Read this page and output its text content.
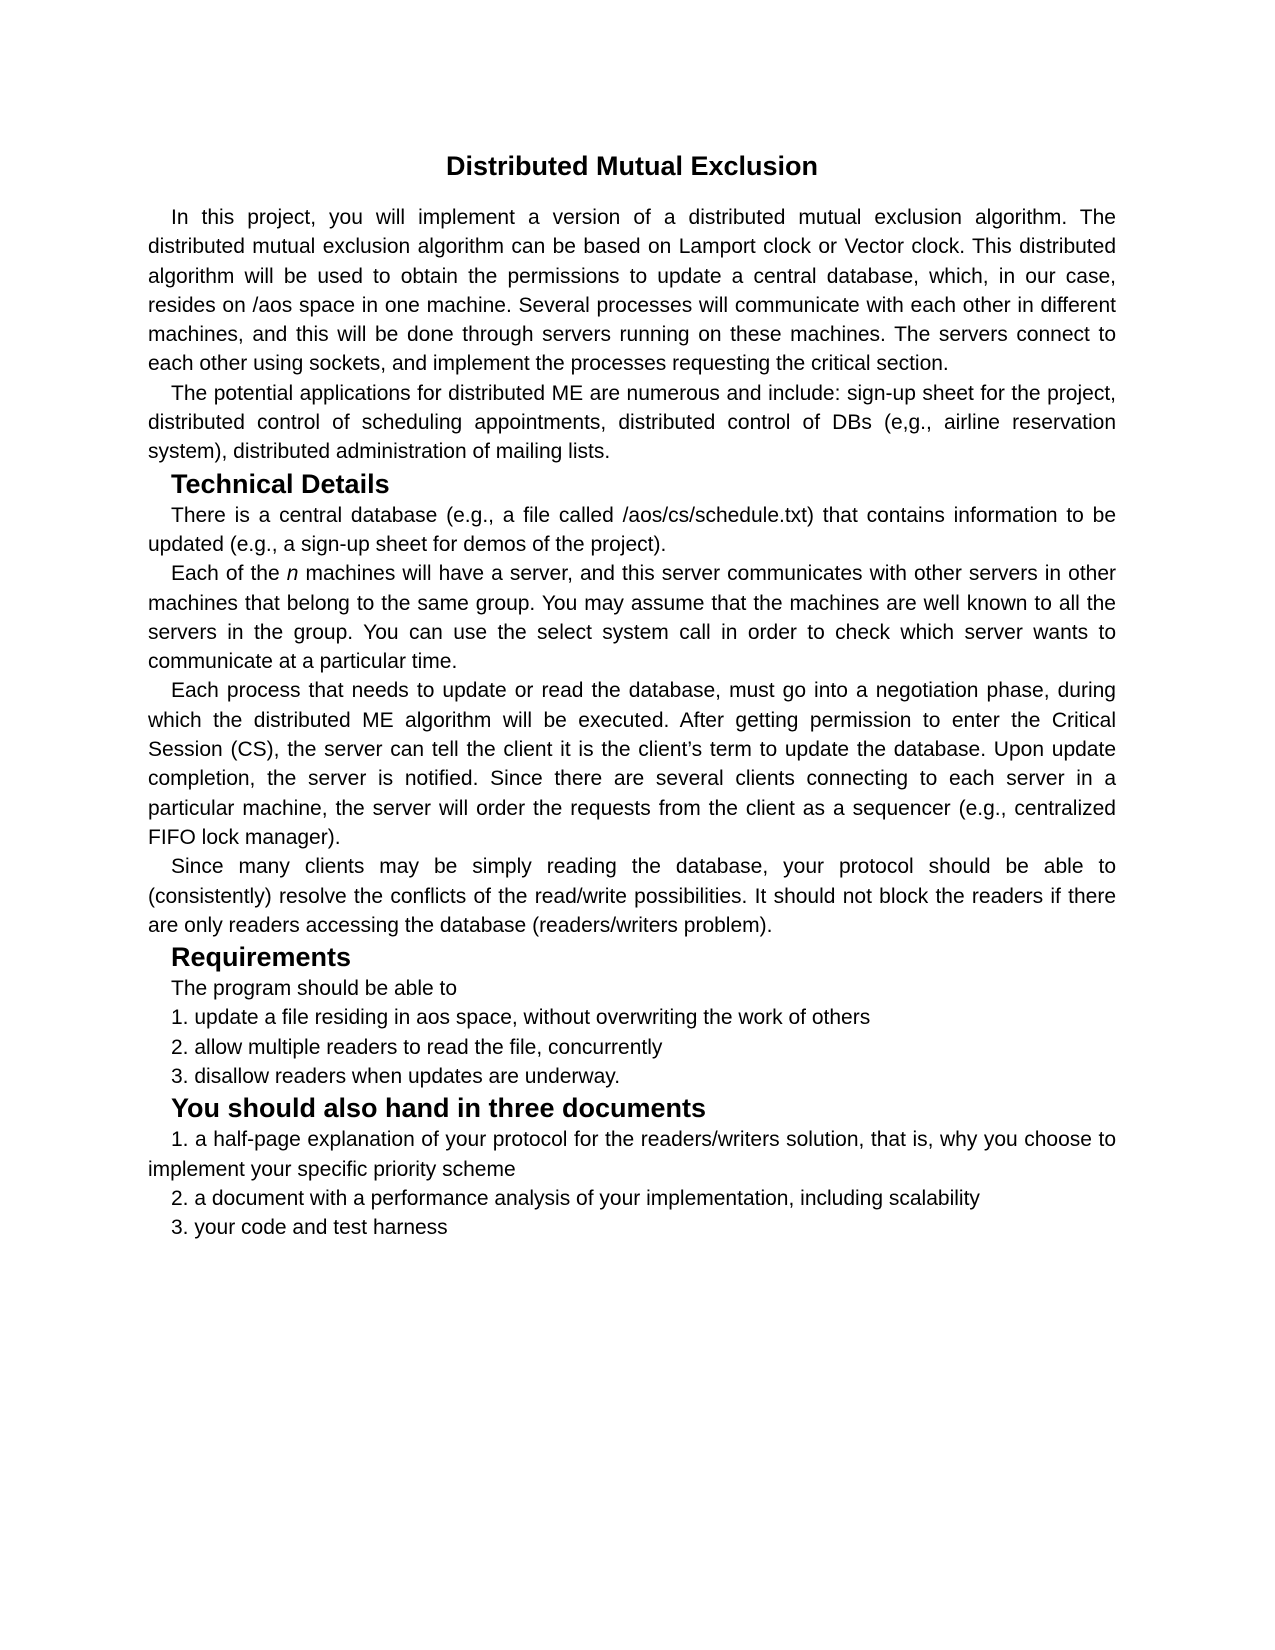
Distributed Mutual Exclusion

In this project, you will implement a version of a distributed mutual exclusion algorithm. The distributed mutual exclusion algorithm can be based on Lamport clock or Vector clock. This distributed algorithm will be used to obtain the permissions to update a central database, which, in our case, resides on /aos space in one machine. Several processes will communicate with each other in different machines, and this will be done through servers running on these machines. The servers connect to each other using sockets, and implement the processes requesting the critical section.

The potential applications for distributed ME are numerous and include: sign-up sheet for the project, distributed control of scheduling appointments, distributed control of DBs (e,g., airline reservation system), distributed administration of mailing lists.

Technical Details

There is a central database (e.g., a file called /aos/cs/schedule.txt) that contains information to be updated (e.g., a sign-up sheet for demos of the project).

Each of the n machines will have a server, and this server communicates with other servers in other machines that belong to the same group. You may assume that the machines are well known to all the servers in the group. You can use the select system call in order to check which server wants to communicate at a particular time.

Each process that needs to update or read the database, must go into a negotiation phase, during which the distributed ME algorithm will be executed. After getting permission to enter the Critical Session (CS), the server can tell the client it is the client’s term to update the database. Upon update completion, the server is notified. Since there are several clients connecting to each server in a particular machine, the server will order the requests from the client as a sequencer (e.g., centralized FIFO lock manager).

Since many clients may be simply reading the database, your protocol should be able to (consistently) resolve the conflicts of the read/write possibilities. It should not block the readers if there are only readers accessing the database (readers/writers problem).

Requirements

The program should be able to

1. update a file residing in aos space, without overwriting the work of others

2. allow multiple readers to read the file, concurrently

3. disallow readers when updates are underway.

You should also hand in three documents

1. a half-page explanation of your protocol for the readers/writers solution, that is, why you choose to implement your specific priority scheme

2. a document with a performance analysis of your implementation, including scalability

3. your code and test harness
